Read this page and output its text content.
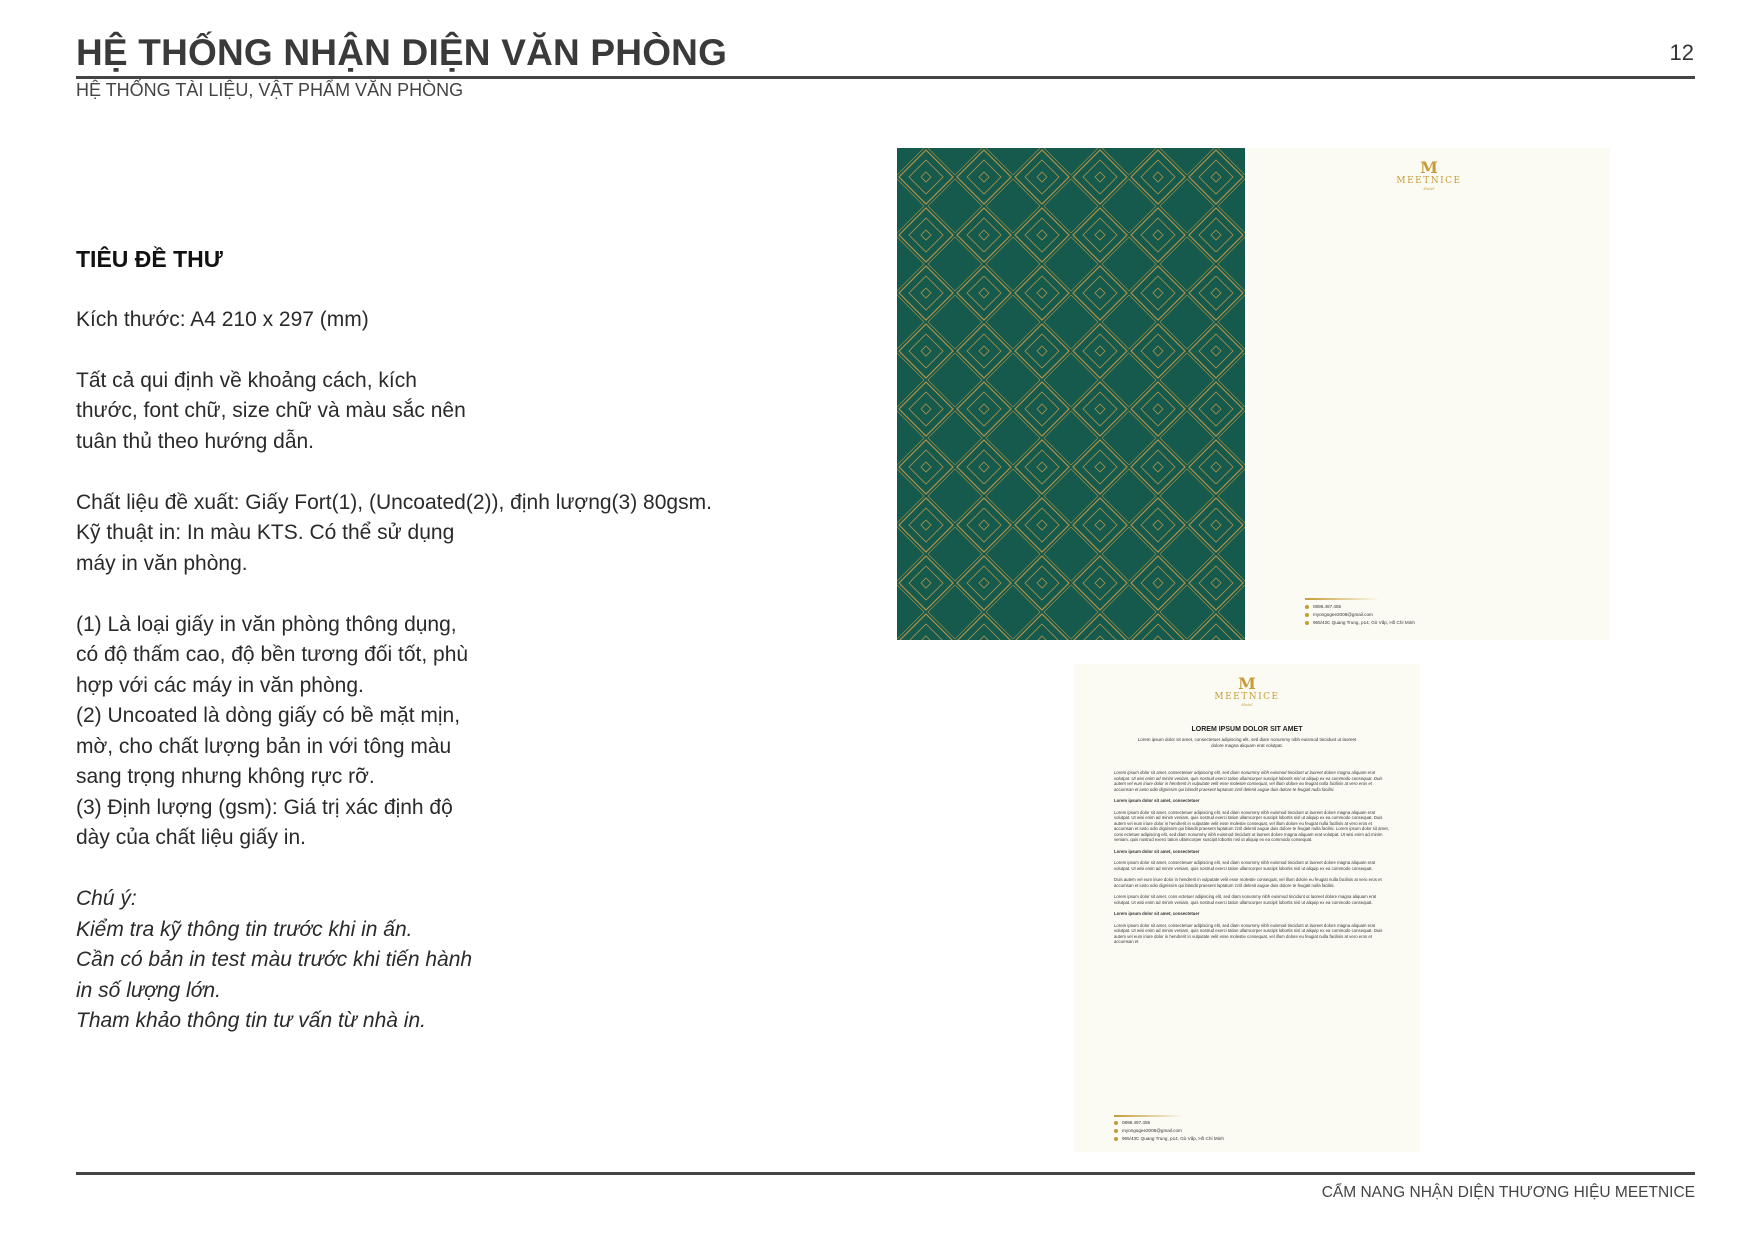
HỆ THỐNG NHẬN DIỆN VĂN PHÒNG	12
HỆ THỐNG TÀI LIỆU, VẬT PHẨM VĂN PHÒNG
TIÊU ĐỀ THƯ

Kích thước: A4 210 x 297 (mm)

Tất cả qui định về khoảng cách, kích
thước, font chữ, size chữ và màu sắc nên
tuân thủ theo hướng dẫn.

Chất liệu đề xuất: Giấy Fort(1), (Uncoated(2)), định lượng(3) 80gsm.
Kỹ thuật in: In màu KTS. Có thể sử dụng
máy in văn phòng.

(1) Là loại giấy in văn phòng thông dụng,
có độ thấm cao, độ bền tương đối tốt, phù
hợp với các máy in văn phòng.
(2) Uncoated là dòng giấy có bề mặt mịn,
mờ, cho chất lượng bản in với tông màu
sang trọng nhưng không rực rỡ.
(3) Định lượng (gsm): Giá trị xác định độ
dày của chất liệu giấy in.

Chú ý:
Kiểm tra kỹ thông tin trước khi in ấn.
Cần có bản in test màu trước khi tiến hành
in số lượng lớn.
Tham khảo thông tin tư vấn từ nhà in.

M
MEETNICE
Hotel
0898.497.455
myongogee2008@gmail.com
965/43C Quang Trung, p14, Gò Vấp, Hồ Chí Minh
M
MEETNICE
Hotel
LOREM IPSUM DOLOR SIT AMET
Lorem ipsum dolor sit amet, consectetuer adipiscing elit, sed diam nonummy nibh euismod tincidunt ut laoreet dolore magna aliquam erat volutpat.
Lorem ipsum dolor sit amet, consectetuer adipiscing elit, sed diam nonummy nibh euismod tincidunt ut laoreet dolore magna aliquam erat volutpat. Ut wisi enim ad minim veniam, quis nostrud exerci tation ullamcorper suscipit lobortis nisl ut aliquip ex ea commodo consequat. Duis autem vel eum iriure dolor in hendrerit in vulputate velit esse molestie consequat, vel illum dolore eu feugiat nulla facilisis at vero eros et accumsan et iusto odio dignissim qui blandit praesent luptatum zzril delenit augue duis dolore te feugait nulla facilisi.
Lorem ipsum dolor sit amet, consectetuer
Lorem ipsum dolor sit amet, consectetuer adipiscing elit, sed diam nonummy nibh euismod tincidunt ut laoreet dolore magna aliquam erat volutpat. Ut wisi enim ad minim veniam, quis nostrud exerci tation ullamcorper suscipit lobortis nisl ut aliquip ex ea commodo consequat. Duis autem vel eum iriure dolor in hendrerit in vulputate velit esse molestie consequat, vel illum dolore eu feugiat nulla facilisis at vero eros et accumsan et iusto odio dignissim qui blandit praesent luptatum zzril delenit augue duis dolore te feugait nulla facilisi. Lorem ipsum dolor sit amet, cons ectetuer adipiscing elit, sed diam nonummy nibh euismod tincidunt ut laoreet dolore magna aliquam erat volutpat. Ut wisi enim ad minim veniam, quis nostrud exerci tation ullamcorper suscipit lobortis nisl ut aliquip ex ea commodo consequat.
Lorem ipsum dolor sit amet, consectetuer
Lorem ipsum dolor sit amet, consectetuer adipiscing elit, sed diam nonummy nibh euismod tincidunt ut laoreet dolore magna aliquam erat volutpat. Ut wisi enim ad minim veniam, quis nostrud exerci tation ullamcorper suscipit lobortis nisl ut aliquip ex ea commodo consequat.
Duis autem vel eum iriure dolor in hendrerit in vulputate velit esse molestie consequat, vel illum dolore eu feugiat nulla facilisis at vero eros et accumsan et iusto odio dignissim qui blandit praesent luptatum zzril delenit augue duis dolore te feugait nulla facilisi.
Lorem ipsum dolor sit amet, cons ectetuer adipiscing elit, sed diam nonummy nibh euismod tincidunt ut laoreet dolore magna aliquam erat volutpat. Ut wisi enim ad minim veniam, quis nostrud exerci tation ullamcorper suscipit lobortis nisl ut aliquip ex ea commodo consequat.
Lorem ipsum dolor sit amet, consectetuer
Lorem ipsum dolor sit amet, consectetuer adipiscing elit, sed diam nonummy nibh euismod tincidunt ut laoreet dolore magna aliquam erat volutpat. Ut wisi enim ad minim veniam, quis nostrud exerci tation ullamcorper suscipit lobortis nisl ut aliquip ex ea commodo consequat. Duis autem vel eum iriure dolor in hendrerit in vulputate velit esse molestie consequat, vel illum dolore eu feugiat nulla facilisis at vero eros et accumsan et
0898.497.455
myongogee2008@gmail.com
965/43C Quang Trung, p14, Gò Vấp, Hồ Chí Minh
CẨM NANG NHẬN DIỆN THƯƠNG HIỆU MEETNICE
